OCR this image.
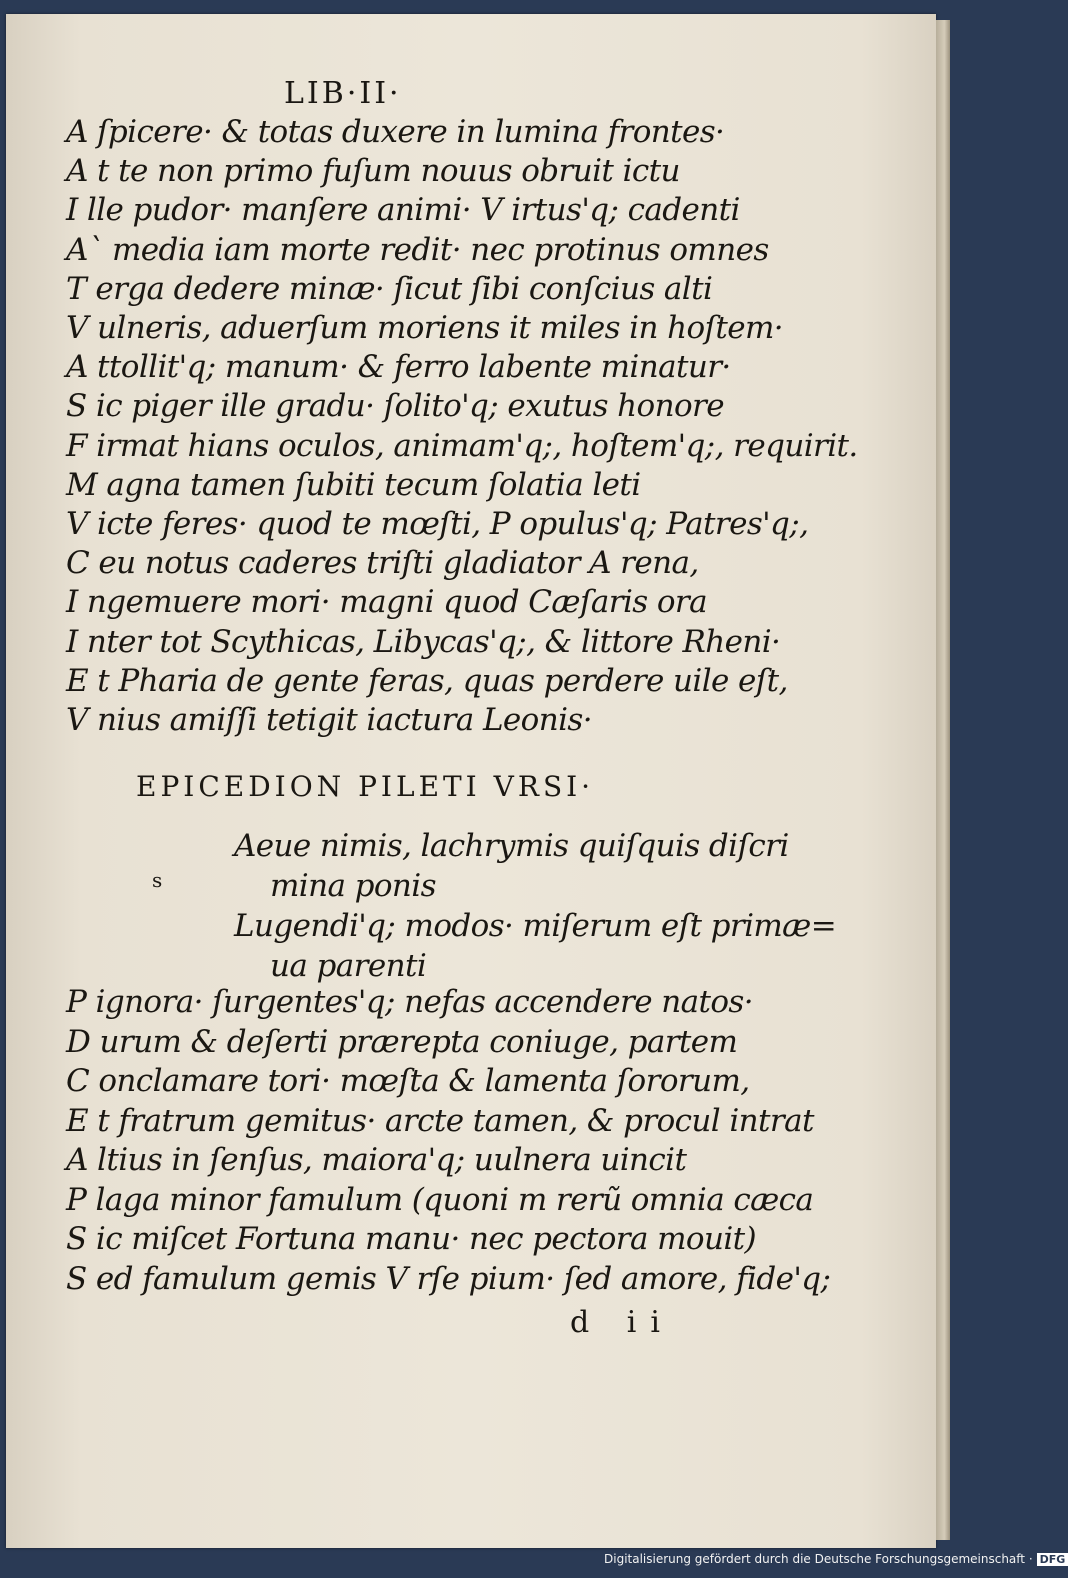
LIB·II·
A ſpicere· & totas duxere in lumina frontes·
A t te non primo fuſum nouus obruit ictu
I lle pudor· manſere animi· V irtus'q; cadenti
A` media iam morte redit· nec protinus omnes
T erga dedere minæ· ſicut ſibi conſcius alti
V ulneris, aduerſum moriens it miles in hoſtem·
A ttollit'q; manum· & ferro labente minatur·
S ic piger ille gradu· ſolito'q; exutus honore
F irmat hians oculos, animam'q;, hoſtem'q;, requirit.
M agna tamen ſubiti tecum ſolatia leti
V icte feres· quod te mœſti, P opulus'q; Patres'q;,
C eu notus caderes triſti gladiator A rena,
I ngemuere mori· magni quod Cæſaris ora
I nter tot Scythicas, Libycas'q;, & littore Rheni·
E t Pharia de gente feras, quas perdere uile eſt,
V nius amiſſi tetigit iactura Leonis·
Aeue nimis, lachrymis quiſquis diſcri
mina ponis
Lugendi'q; modos· miſerum eſt primæ=
ua parenti
P ignora· ſurgentes'q; nefas accendere natos·
D urum & deſerti prærepta coniuge, partem
C onclamare tori· mœſta & lamenta ſororum,
E t fratrum gemitus· arcte tamen, & procul intrat
A ltius in ſenſus, maiora'q; uulnera uincit
P laga minor famulum (quoni m rerũ omnia cæca
S ic miſcet Fortuna manu· nec pectora mouit)
S ed famulum gemis V rſe pium· ſed amore, fide'q;
EPICEDION PILETI VRSI·
s
d ii
Digitalisierung gefördert durch die Deutsche Forschungsgemeinschaft · DFG
